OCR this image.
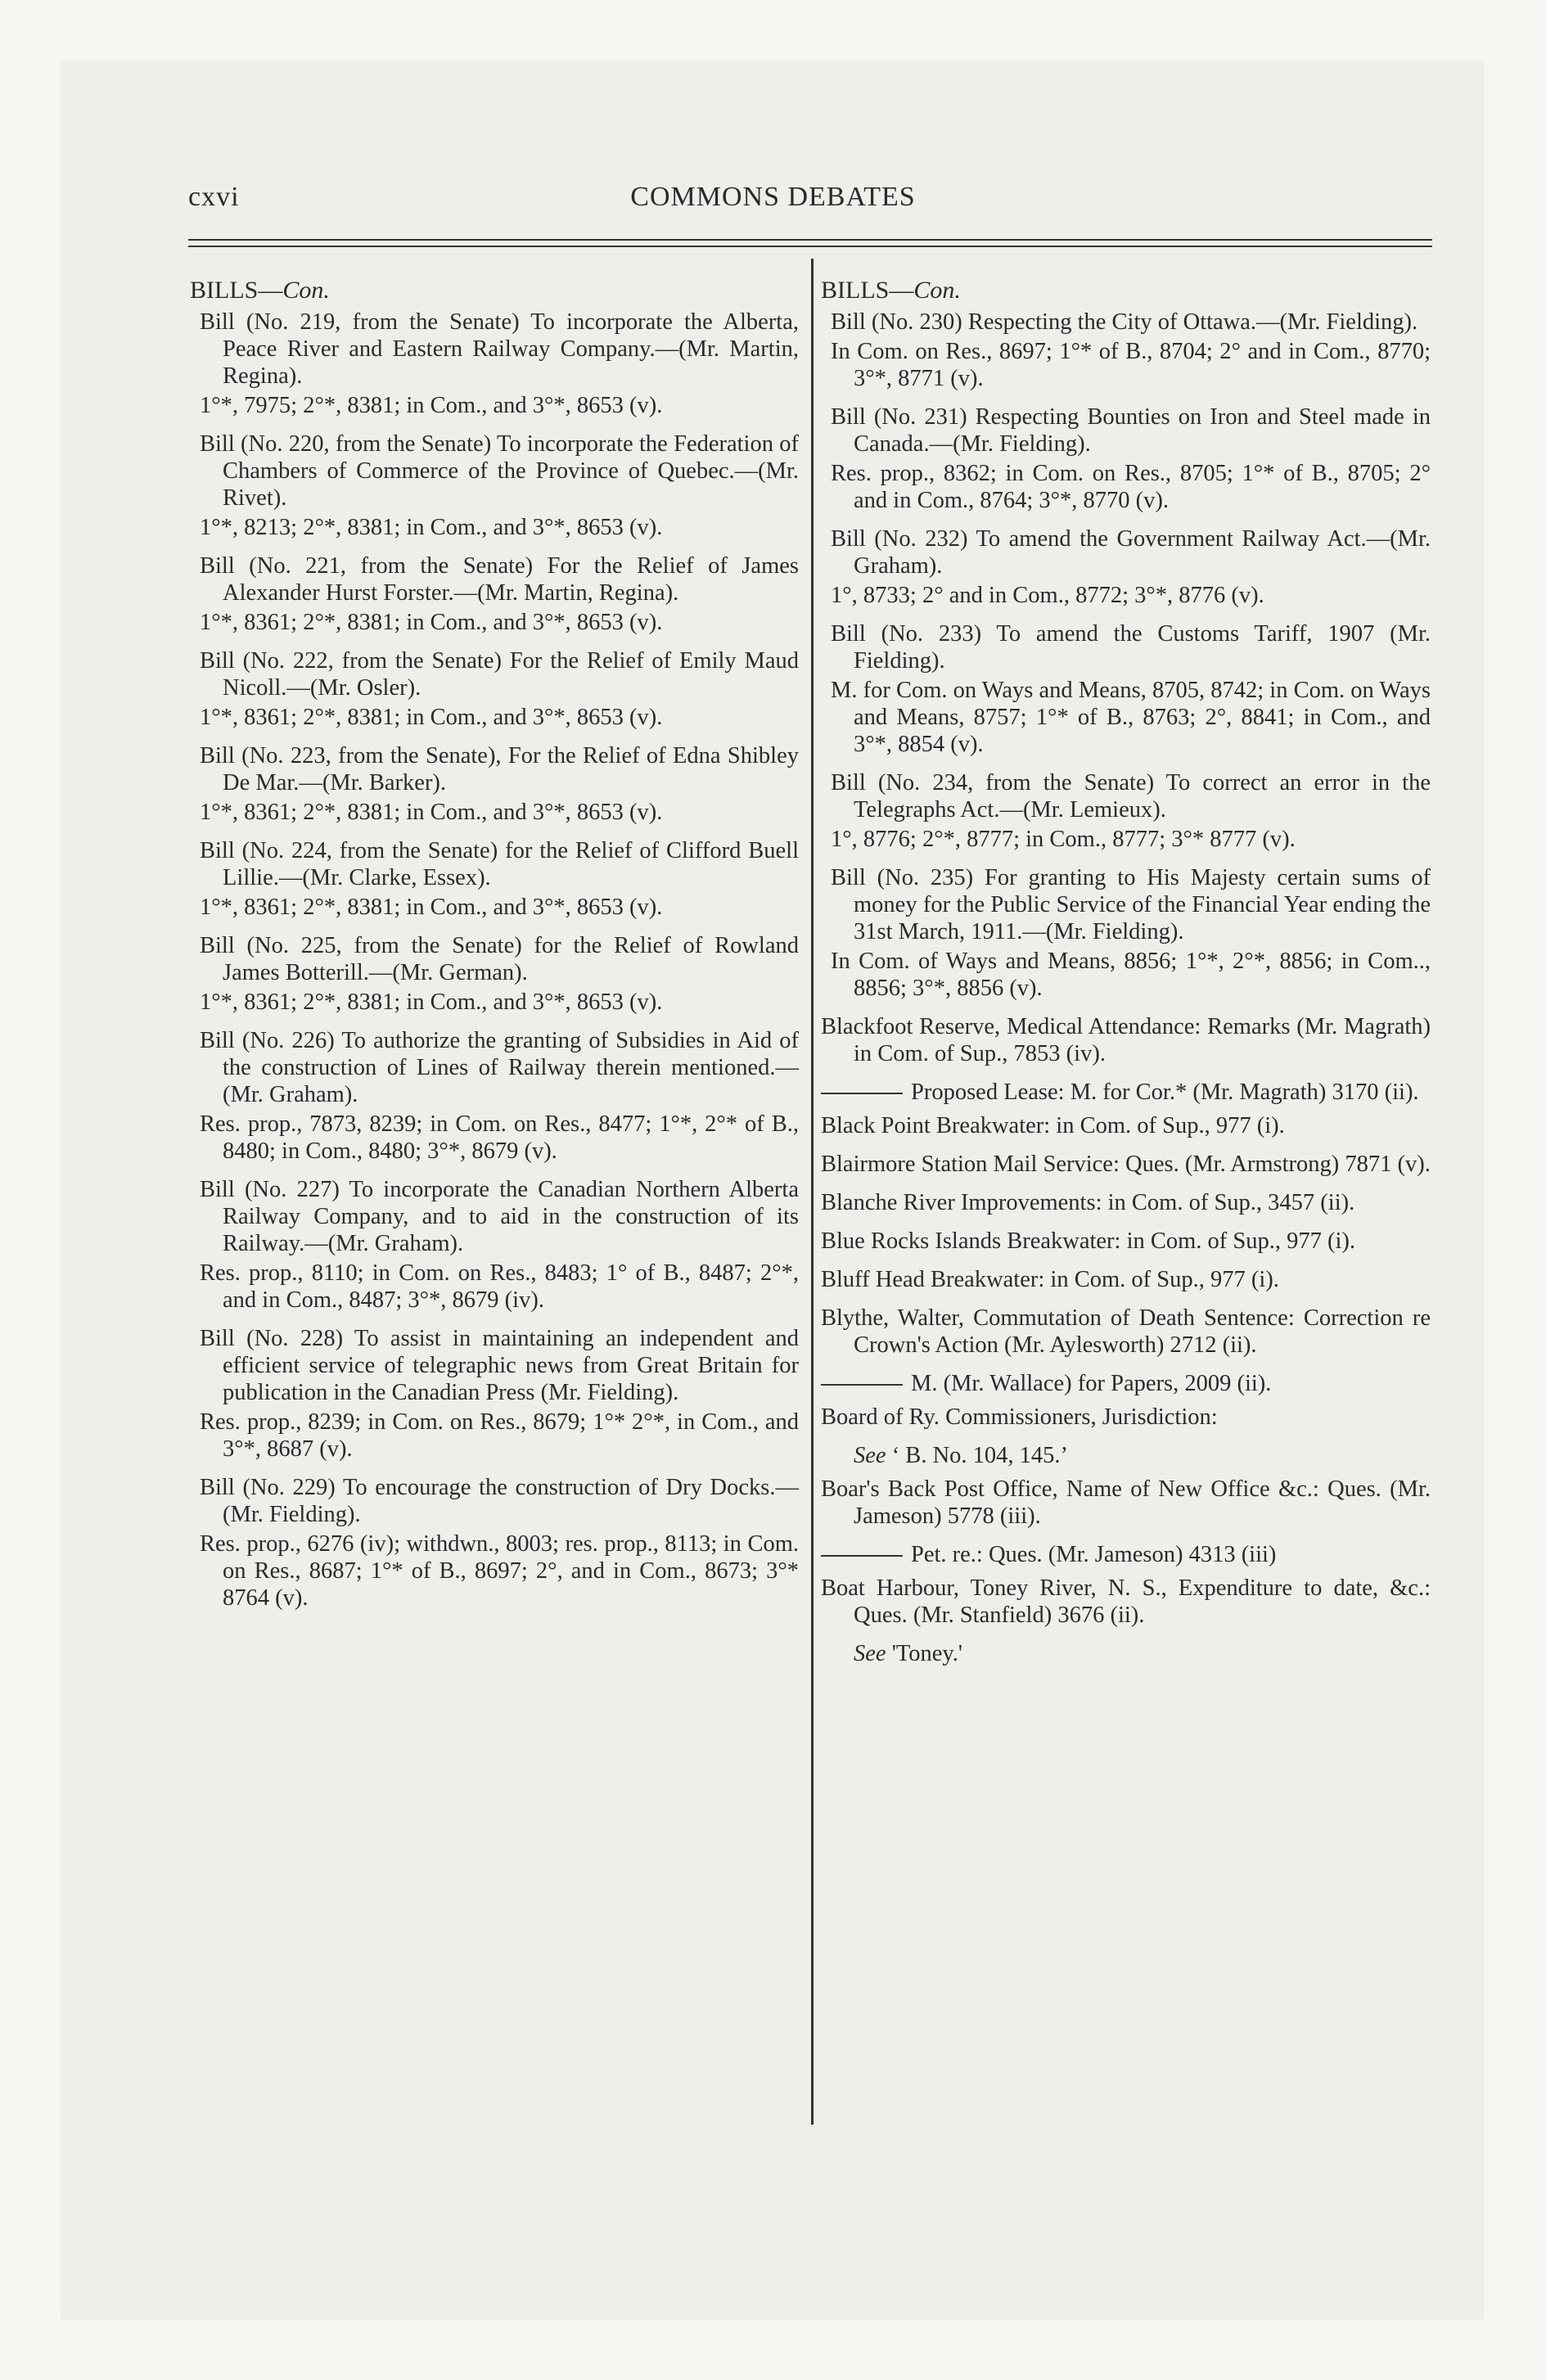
cxvi	COMMONS DEBATES
BILLS—Con.

Bill (No. 219, from the Senate) To incorporate the Alberta, Peace River and Eastern Railway Company.—(Mr. Martin, Regina).

1°*, 7975; 2°*, 8381; in Com., and 3°*, 8653 (v).

Bill (No. 220, from the Senate) To incorporate the Federation of Chambers of Commerce of the Province of Quebec.—(Mr. Rivet).

1°*, 8213; 2°*, 8381; in Com., and 3°*, 8653 (v).

Bill (No. 221, from the Senate) For the Relief of James Alexander Hurst Forster.—(Mr. Martin, Regina).

1°*, 8361; 2°*, 8381; in Com., and 3°*, 8653 (v).

Bill (No. 222, from the Senate) For the Relief of Emily Maud Nicoll.—(Mr. Osler).

1°*, 8361; 2°*, 8381; in Com., and 3°*, 8653 (v).

Bill (No. 223, from the Senate), For the Relief of Edna Shibley De Mar.—(Mr. Barker).

1°*, 8361; 2°*, 8381; in Com., and 3°*, 8653 (v).

Bill (No. 224, from the Senate) for the Relief of Clifford Buell Lillie.—(Mr. Clarke, Essex).

1°*, 8361; 2°*, 8381; in Com., and 3°*, 8653 (v).

Bill (No. 225, from the Senate) for the Relief of Rowland James Botterill.—(Mr. German).

1°*, 8361; 2°*, 8381; in Com., and 3°*, 8653 (v).

Bill (No. 226) To authorize the granting of Subsidies in Aid of the construction of Lines of Railway therein mentioned.—(Mr. Graham).

Res. prop., 7873, 8239; in Com. on Res., 8477; 1°*, 2°* of B., 8480; in Com., 8480; 3°*, 8679 (v).

Bill (No. 227) To incorporate the Canadian Northern Alberta Railway Company, and to aid in the construction of its Railway.—(Mr. Graham).

Res. prop., 8110; in Com. on Res., 8483; 1° of B., 8487; 2°*, and in Com., 8487; 3°*, 8679 (iv).

Bill (No. 228) To assist in maintaining an independent and efficient service of telegraphic news from Great Britain for publication in the Canadian Press (Mr. Fielding).

Res. prop., 8239; in Com. on Res., 8679; 1°* 2°*, in Com., and 3°*, 8687 (v).

Bill (No. 229) To encourage the construction of Dry Docks.—(Mr. Fielding).

Res. prop., 6276 (iv); withdwn., 8003; res. prop., 8113; in Com. on Res., 8687; 1°* of B., 8697; 2°, and in Com., 8673; 3°* 8764 (v).

BILLS—Con.

Bill (No. 230) Respecting the City of Ottawa.—(Mr. Fielding).

In Com. on Res., 8697; 1°* of B., 8704; 2° and in Com., 8770; 3°*, 8771 (v).

Bill (No. 231) Respecting Bounties on Iron and Steel made in Canada.—(Mr. Fielding).

Res. prop., 8362; in Com. on Res., 8705; 1°* of B., 8705; 2° and in Com., 8764; 3°*, 8770 (v).

Bill (No. 232) To amend the Government Railway Act.—(Mr. Graham).

1°, 8733; 2° and in Com., 8772; 3°*, 8776 (v).

Bill (No. 233) To amend the Customs Tariff, 1907 (Mr. Fielding).

M. for Com. on Ways and Means, 8705, 8742; in Com. on Ways and Means, 8757; 1°* of B., 8763; 2°, 8841; in Com., and 3°*, 8854 (v).

Bill (No. 234, from the Senate) To correct an error in the Telegraphs Act.—(Mr. Lemieux).

1°, 8776; 2°*, 8777; in Com., 8777; 3°* 8777 (v).

Bill (No. 235) For granting to His Majesty certain sums of money for the Public Service of the Financial Year ending the 31st March, 1911.—(Mr. Fielding).

In Com. of Ways and Means, 8856; 1°*, 2°*, 8856; in Com.., 8856; 3°*, 8856 (v).

Blackfoot Reserve, Medical Attendance: Remarks (Mr. Magrath) in Com. of Sup., 7853 (iv).

Proposed Lease: M. for Cor.* (Mr. Magrath) 3170 (ii).

Black Point Breakwater: in Com. of Sup., 977 (i).

Blairmore Station Mail Service: Ques. (Mr. Armstrong) 7871 (v).

Blanche River Improvements: in Com. of Sup., 3457 (ii).

Blue Rocks Islands Breakwater: in Com. of Sup., 977 (i).

Bluff Head Breakwater: in Com. of Sup., 977 (i).

Blythe, Walter, Commutation of Death Sentence: Correction re Crown's Action (Mr. Aylesworth) 2712 (ii).

M. (Mr. Wallace) for Papers, 2009 (ii).

Board of Ry. Commissioners, Jurisdiction:

See ‘ B. No. 104, 145.’

Boar's Back Post Office, Name of New Office &c.: Ques. (Mr. Jameson) 5778 (iii).

Pet. re.: Ques. (Mr. Jameson) 4313 (iii)

Boat Harbour, Toney River, N. S., Expenditure to date, &c.: Ques. (Mr. Stanfield) 3676 (ii).

See 'Toney.'
